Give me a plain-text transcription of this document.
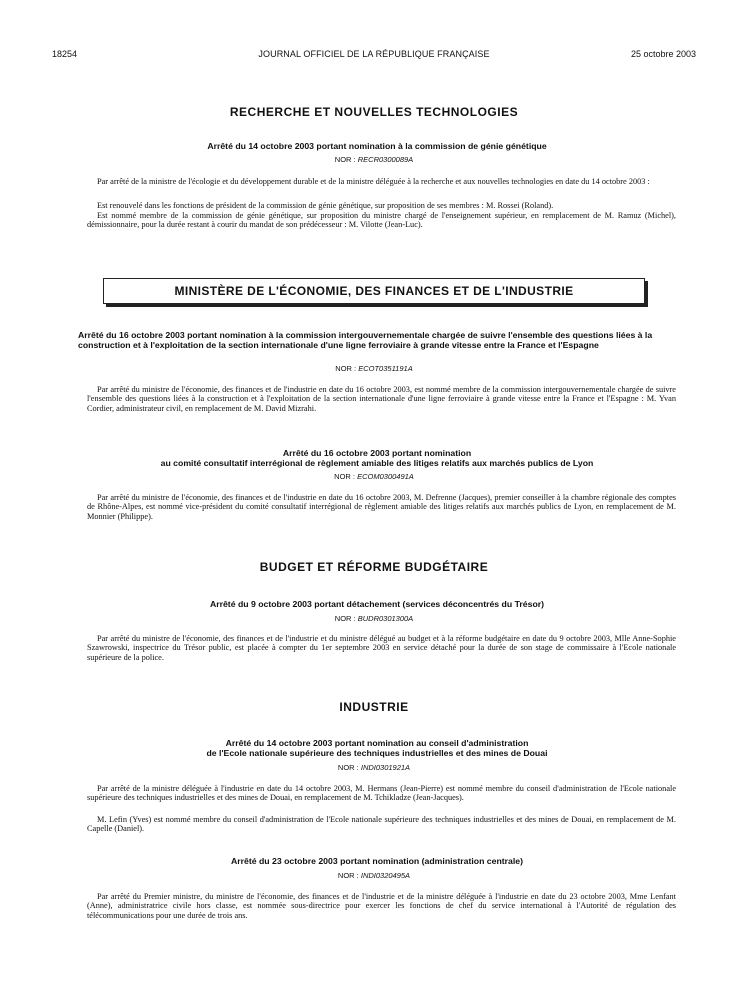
18254	JOURNAL OFFICIEL DE LA RÉPUBLIQUE FRANÇAISE	25 octobre 2003
RECHERCHE ET NOUVELLES TECHNOLOGIES
Arrêté du 14 octobre 2003 portant nomination à la commission de génie génétique
NOR : RECR0300089A
Par arrêté de la ministre de l'écologie et du développement durable et de la ministre déléguée à la recherche et aux nouvelles technologies en date du 14 octobre 2003 :
Est renouvelé dans les fonctions de président de la commission de génie génétique, sur proposition de ses membres : M. Rossei (Roland).
Est nommé membre de la commission de génie génétique, sur proposition du ministre chargé de l'enseignement supérieur, en remplacement de M. Ramuz (Michel), démissionnaire, pour la durée restant à courir du mandat de son prédécesseur : M. Vilotte (Jean-Luc).
MINISTÈRE DE L'ÉCONOMIE, DES FINANCES ET DE L'INDUSTRIE
Arrêté du 16 octobre 2003 portant nomination à la commission intergouvernementale chargée de suivre l'ensemble des questions liées à la construction et à l'exploitation de la section internationale d'une ligne ferroviaire à grande vitesse entre la France et l'Espagne
NOR : ECOT0351191A
Par arrêté du ministre de l'économie, des finances et de l'industrie en date du 16 octobre 2003, est nommé membre de la commission intergouvernementale chargée de suivre l'ensemble des questions liées à la construction et à l'exploitation de la section internationale d'une ligne ferroviaire à grande vitesse entre la France et l'Espagne : M. Yvan Cordier, administrateur civil, en remplacement de M. David Mizrahi.
Arrêté du 16 octobre 2003 portant nomination
au comité consultatif interrégional de règlement amiable des litiges relatifs aux marchés publics de Lyon
NOR : ECOM0300491A
Par arrêté du ministre de l'économie, des finances et de l'industrie en date du 16 octobre 2003, M. Defrenne (Jacques), premier conseiller à la chambre régionale des comptes de Rhône-Alpes, est nommé vice-président du comité consultatif interrégional de règlement amiable des litiges relatifs aux marchés publics de Lyon, en remplacement de M. Monnier (Philippe).
BUDGET ET RÉFORME BUDGÉTAIRE
Arrêté du 9 octobre 2003 portant détachement (services déconcentrés du Trésor)
NOR : BUDR0301300A
Par arrêté du ministre de l'économie, des finances et de l'industrie et du ministre délégué au budget et à la réforme budgétaire en date du 9 octobre 2003, Mlle Anne-Sophie Szawrowski, inspectrice du Trésor public, est placée à compter du 1er septembre 2003 en service détaché pour la durée de son stage de commissaire à l'Ecole nationale supérieure de la police.
INDUSTRIE
Arrêté du 14 octobre 2003 portant nomination au conseil d'administration
de l'Ecole nationale supérieure des techniques industrielles et des mines de Douai
NOR : INDI0301921A
Par arrêté de la ministre déléguée à l'industrie en date du 14 octobre 2003, M. Hermans (Jean-Pierre) est nommé membre du conseil d'administration de l'Ecole nationale supérieure des techniques industrielles et des mines de Douai, en remplacement de M. Tchikladze (Jean-Jacques).
M. Lefin (Yves) est nommé membre du conseil d'administration de l'Ecole nationale supérieure des techniques industrielles et des mines de Douai, en remplacement de M. Capelle (Daniel).
Arrêté du 23 octobre 2003 portant nomination (administration centrale)
NOR : INDI0320495A
Par arrêté du Premier ministre, du ministre de l'économie, des finances et de l'industrie et de la ministre déléguée à l'industrie en date du 23 octobre 2003, Mme Lenfant (Anne), administratrice civile hors classe, est nommée sous-directrice pour exercer les fonctions de chef du service international à l'Autorité de régulation des télécommunications pour une durée de trois ans.
